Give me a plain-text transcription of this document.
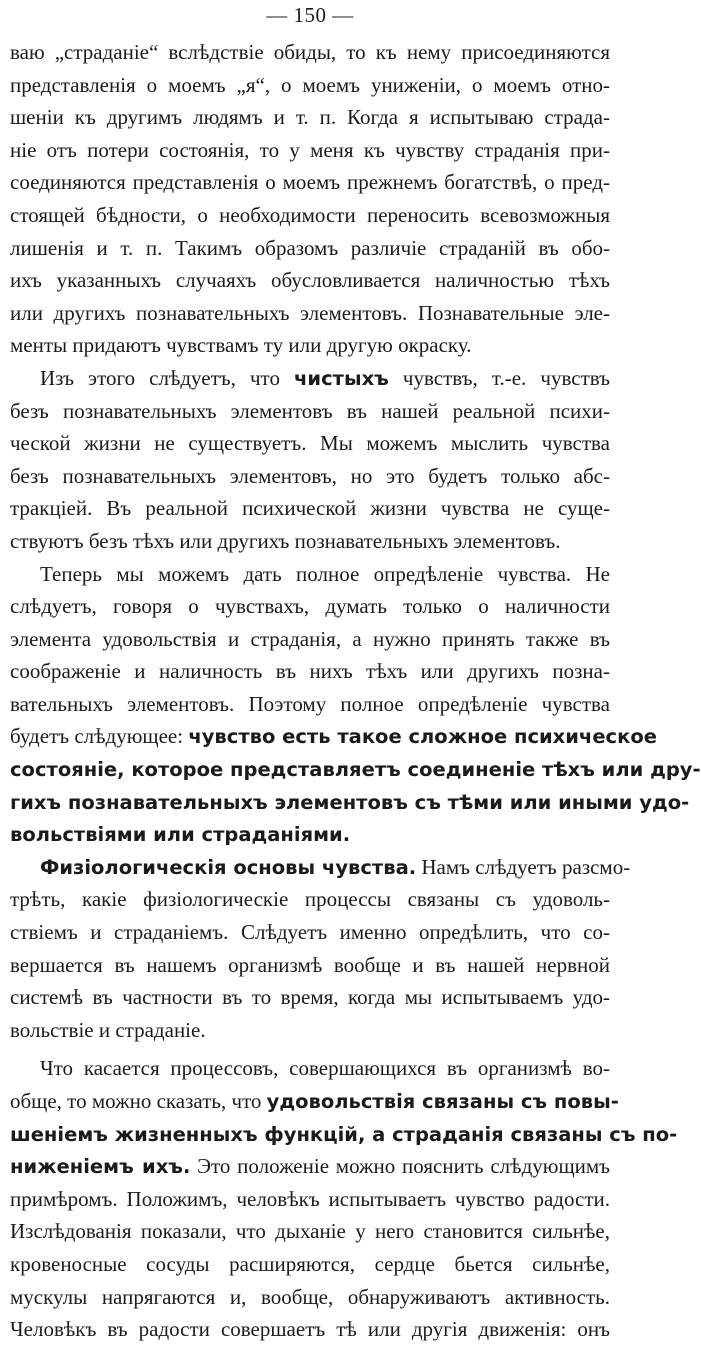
— 150 —
ваю „страданіе“ вслѣдствіе обиды, то къ нему присоединяются
представленія о моемъ „я“, о моемъ униженіи, о моемъ отно-
шеніи къ другимъ людямъ и т. п. Когда я испытываю страда-
ніе отъ потери состоянія, то у меня къ чувству страданія при-
соединяются представленія о моемъ прежнемъ богатствѣ, о пред-
стоящей бѣдности, о необходимости переносить всевозможныя
лишенія и т. п. Такимъ образомъ различіе страданій въ обо-
ихъ указанныхъ случаяхъ обусловливается наличностью тѣхъ
или другихъ познавательныхъ элементовъ. Познавательные эле-
менты придаютъ чувствамъ ту или другую окраску.
Изъ этого слѣдуетъ, что чистыхъ чувствъ, т.-е. чувствъ
безъ познавательныхъ элементовъ въ нашей реальной психи-
ческой жизни не существуетъ. Мы можемъ мыслить чувства
безъ познавательныхъ элементовъ, но это будетъ только абс-
тракціей. Въ реальной психической жизни чувства не суще-
ствуютъ безъ тѣхъ или другихъ познавательныхъ элементовъ.
Теперь мы можемъ дать полное опредѣленіе чувства. Не
слѣдуетъ, говоря о чувствахъ, думать только о наличности
элемента удовольствія и страданія, а нужно принять также въ
соображеніе и наличность въ нихъ тѣхъ или другихъ позна-
вательныхъ элементовъ. Поэтому полное опредѣленіе чувства
будетъ слѣдующее: чувство есть такое сложное психическое
состояніе, которое представляетъ соединеніе тѣхъ или дру-
гихъ познавательныхъ элементовъ съ тѣми или иными удо-
вольствіями или страданіями.
Физіологическія основы чувства. Намъ слѣдуетъ разсмо-
трѣть, какіе физіологическіе процессы связаны съ удоволь-
ствіемъ и страданіемъ. Слѣдуетъ именно опредѣлить, что со-
вершается въ нашемъ организмѣ вообще и въ нашей нервной
системѣ въ частности въ то время, когда мы испытываемъ удо-
вольствіе и страданіе.
Что касается процессовъ, совершающихся въ организмѣ во-
обще, то можно сказать, что удовольствія связаны съ повы-
шеніемъ жизненныхъ функцій, а страданія связаны съ по-
ниженіемъ ихъ. Это положеніе можно пояснить слѣдующимъ
примѣромъ. Положимъ, человѣкъ испытываетъ чувство радости.
Изслѣдованія показали, что дыханіе у него становится сильнѣе,
кровеносные сосуды расширяются, сердце бьется сильнѣе,
мускулы напрягаются и, вообще, обнаруживаютъ активность.
Человѣкъ въ радости совершаетъ тѣ или другія движенія: онъ
